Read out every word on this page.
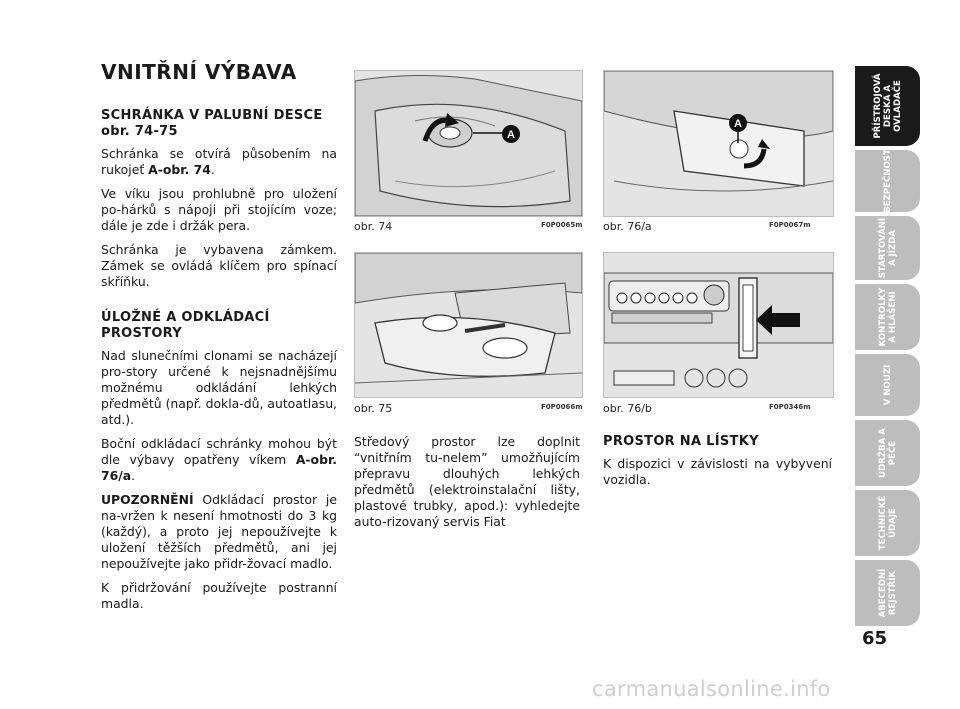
VNITŘNÍ VÝBAVA
SCHRÁNKA V PALUBNÍ DESCE
obr. 74-75

Schránka se otvírá působením na rukojeť A-obr. 74.

Ve víku jsou prohlubně pro uložení po-hárků s nápoji při stojícím voze; dále je zde i držák pera.

Schránka je vybavena zámkem. Zámek se ovládá klíčem pro spínací skříňku.

ÚLOŽNÉ A ODKLÁDACÍ
PROSTORY

Nad slunečními clonami se nacházejí pro-story určené k nejsnadnějšímu možnému odkládání lehkých předmětů (např. dokla-dů, autoatlasu, atd.).

Boční odkládací schránky mohou být dle výbavy opatřeny víkem A-obr. 76/a.

UPOZORNĚNÍ Odkládací prostor je na-vržen k nesení hmotnosti do 3 kg (každý), a proto jej nepoužívejte k uložení těžších předmětů, ani jej nepoužívejte jako přidr-žovací madlo.

K přidržování používejte postranní madla.

A
obr. 74	F0P0065m
A
obr. 76/a	F0P0067m
obr. 75	F0P0066m obr. 76/b	F0P0346m

Středový prostor lze doplnit “vnitřním tu-nelem” umožňujícím přepravu dlouhých lehkých předmětů (elektroinstalační lišty, plastové trubky, apod.): vyhledejte auto-rizovaný servis Fiat

PROSTOR NA LÍSTKY

K dispozici v závislosti na vybyvení vozidla.

PŘÍSTROJOVÁ
DESKA A
OVLADAČE
BEZPEČNOST
STARTOVÁNÍ
A JÍZDA
KONTROLKY
A HLÁŠENÍ
V NOUZI
ÚDRŽBA A
PÉČE
TECHNICKÉ
ÚDAJE
ABECEDNÍ
REJSTŘÍK
65
carmanualsonline.info
